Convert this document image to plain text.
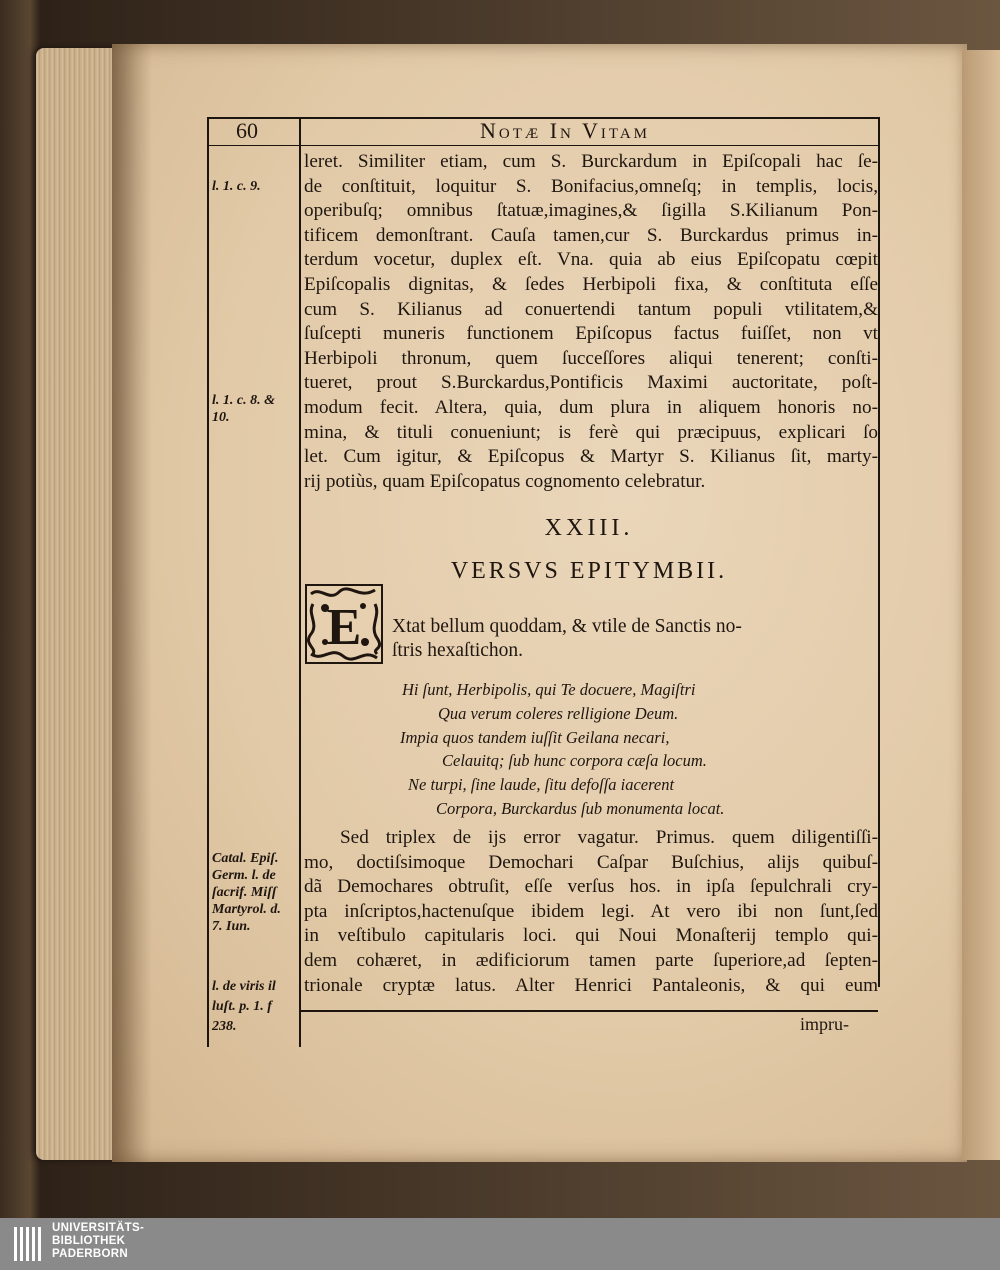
60	Notæ In Vitam
l. 1. c. 9.
l. 1. c. 8. &
10.
Catal. Epiſ.
Germ. l. de
ſacrif. Miſſ
Martyrol. d.
7. Iun.
l. de viris il
luſt. p. 1. f
238.
leret. Similiter etiam, cum S. Burckardum in Epiſcopali hac ſe-
de conſtituit, loquitur S. Bonifacius,omneſq; in templis, locis,
operibuſq; omnibus ſtatuæ,imagines,& ſigilla S.Kilianum Pon-
tificem demonſtrant. Cauſa tamen,cur S. Burckardus primus in-
terdum vocetur, duplex eſt. Vna. quia ab eius Epiſcopatu cœpit
Epiſcopalis dignitas, & ſedes Herbipoli fixa, & conſtituta eſſe
cum S. Kilianus ad conuertendi tantum populi vtilitatem,&
ſuſcepti muneris functionem Epiſcopus factus fuiſſet, non vt
Herbipoli thronum, quem ſucceſſores aliqui tenerent; conſti-
tueret, prout S.Burckardus,Pontificis Maximi auctoritate, poſt-
modum fecit. Altera, quia, dum plura in aliquem honoris no-
mina, & tituli conueniunt; is ferè qui præcipuus, explicari ſo
let. Cum igitur, & Epiſcopus & Martyr S. Kilianus ſit, marty-
rij potiùs, quam Epiſcopatus cognomento celebratur.
XXIII.
VERSVS EPITYMBII.
E Xtat bellum quoddam, & vtile de Sanctis no-
ſtris hexaſtichon.
Hi ſunt, Herbipolis, qui Te docuere, Magiſtri
Qua verum coleres relligione Deum.
Impia quos tandem iuſſit Geilana necari,
Celauitq; ſub hunc corpora cæſa locum.
Ne turpi, ſine laude, ſitu defoſſa iacerent
Corpora, Burckardus ſub monumenta locat.
Sed triplex de ijs error vagatur. Primus. quem diligentiſſi-
mo, doctiſsimoque Demochari Caſpar Buſchius, alijs quibuſ-
dã Demochares obtruſit, eſſe verſus hos. in ipſa ſepulchrali cry-
pta inſcriptos,hactenuſque ibidem legi. At vero ibi non ſunt,ſed
in veſtibulo capitularis loci. qui Noui Monaſterij templo qui-
dem cohæret, in ædificiorum tamen parte ſuperiore,ad ſepten-
trionale cryptæ latus. Alter Henrici Pantaleonis, & qui eum
impru-
UNIVERSITÄTS-
BIBLIOTHEK
PADERBORN
